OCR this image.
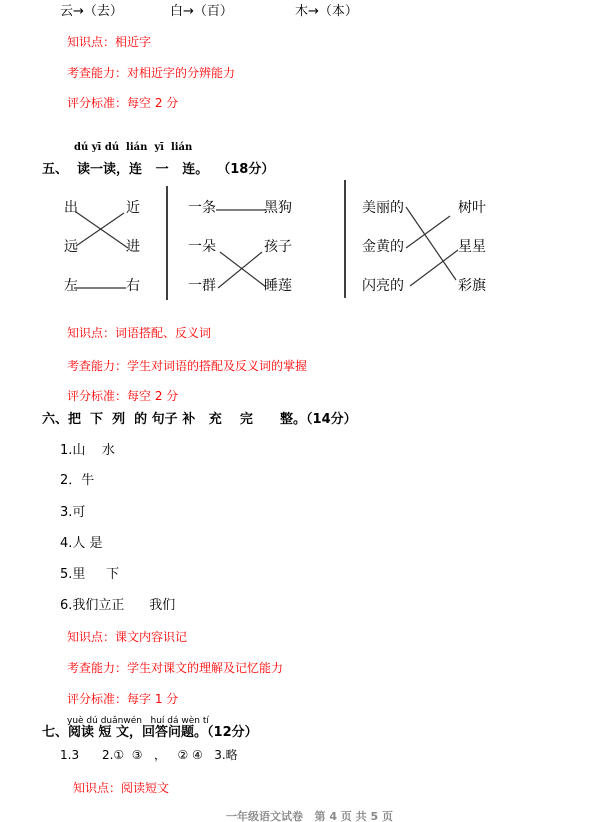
云→（去）	白→（百）	木→（本）
知识点：相近字
考查能力：对相近字的分辨能力
评分标准：每空 2 分
dú yī dú  lián  yī  lián
五、  读一读，连   一   连。  （18分）
出
远
左
近
进
右
一条
一朵
一群
黑狗
孩子
睡莲
美丽的
金黄的
闪亮的
树叶
星星
彩旗
知识点：词语搭配、反义词
考查能力：学生对词语的搭配及反义词的掌握
评分标准：每空 2 分
六、把  下  列  的 句子 补   充    完      整。（14分）
1.山    水
2．牛
3.可
4.人 是
5.里     下
6.我们立正      我们
知识点：课文内容识记
考查能力：学生对课文的理解及记忆能力
评分标准：每字 1 分
yuè dú duǎnwén   huí dá wèn tí
七、阅读 短 文，回答问题。（12分）
1.3      2.①  ③   ，   ② ④   3.略
知识点：阅读短文
一年级语文试卷   第 4 页 共 5 页
